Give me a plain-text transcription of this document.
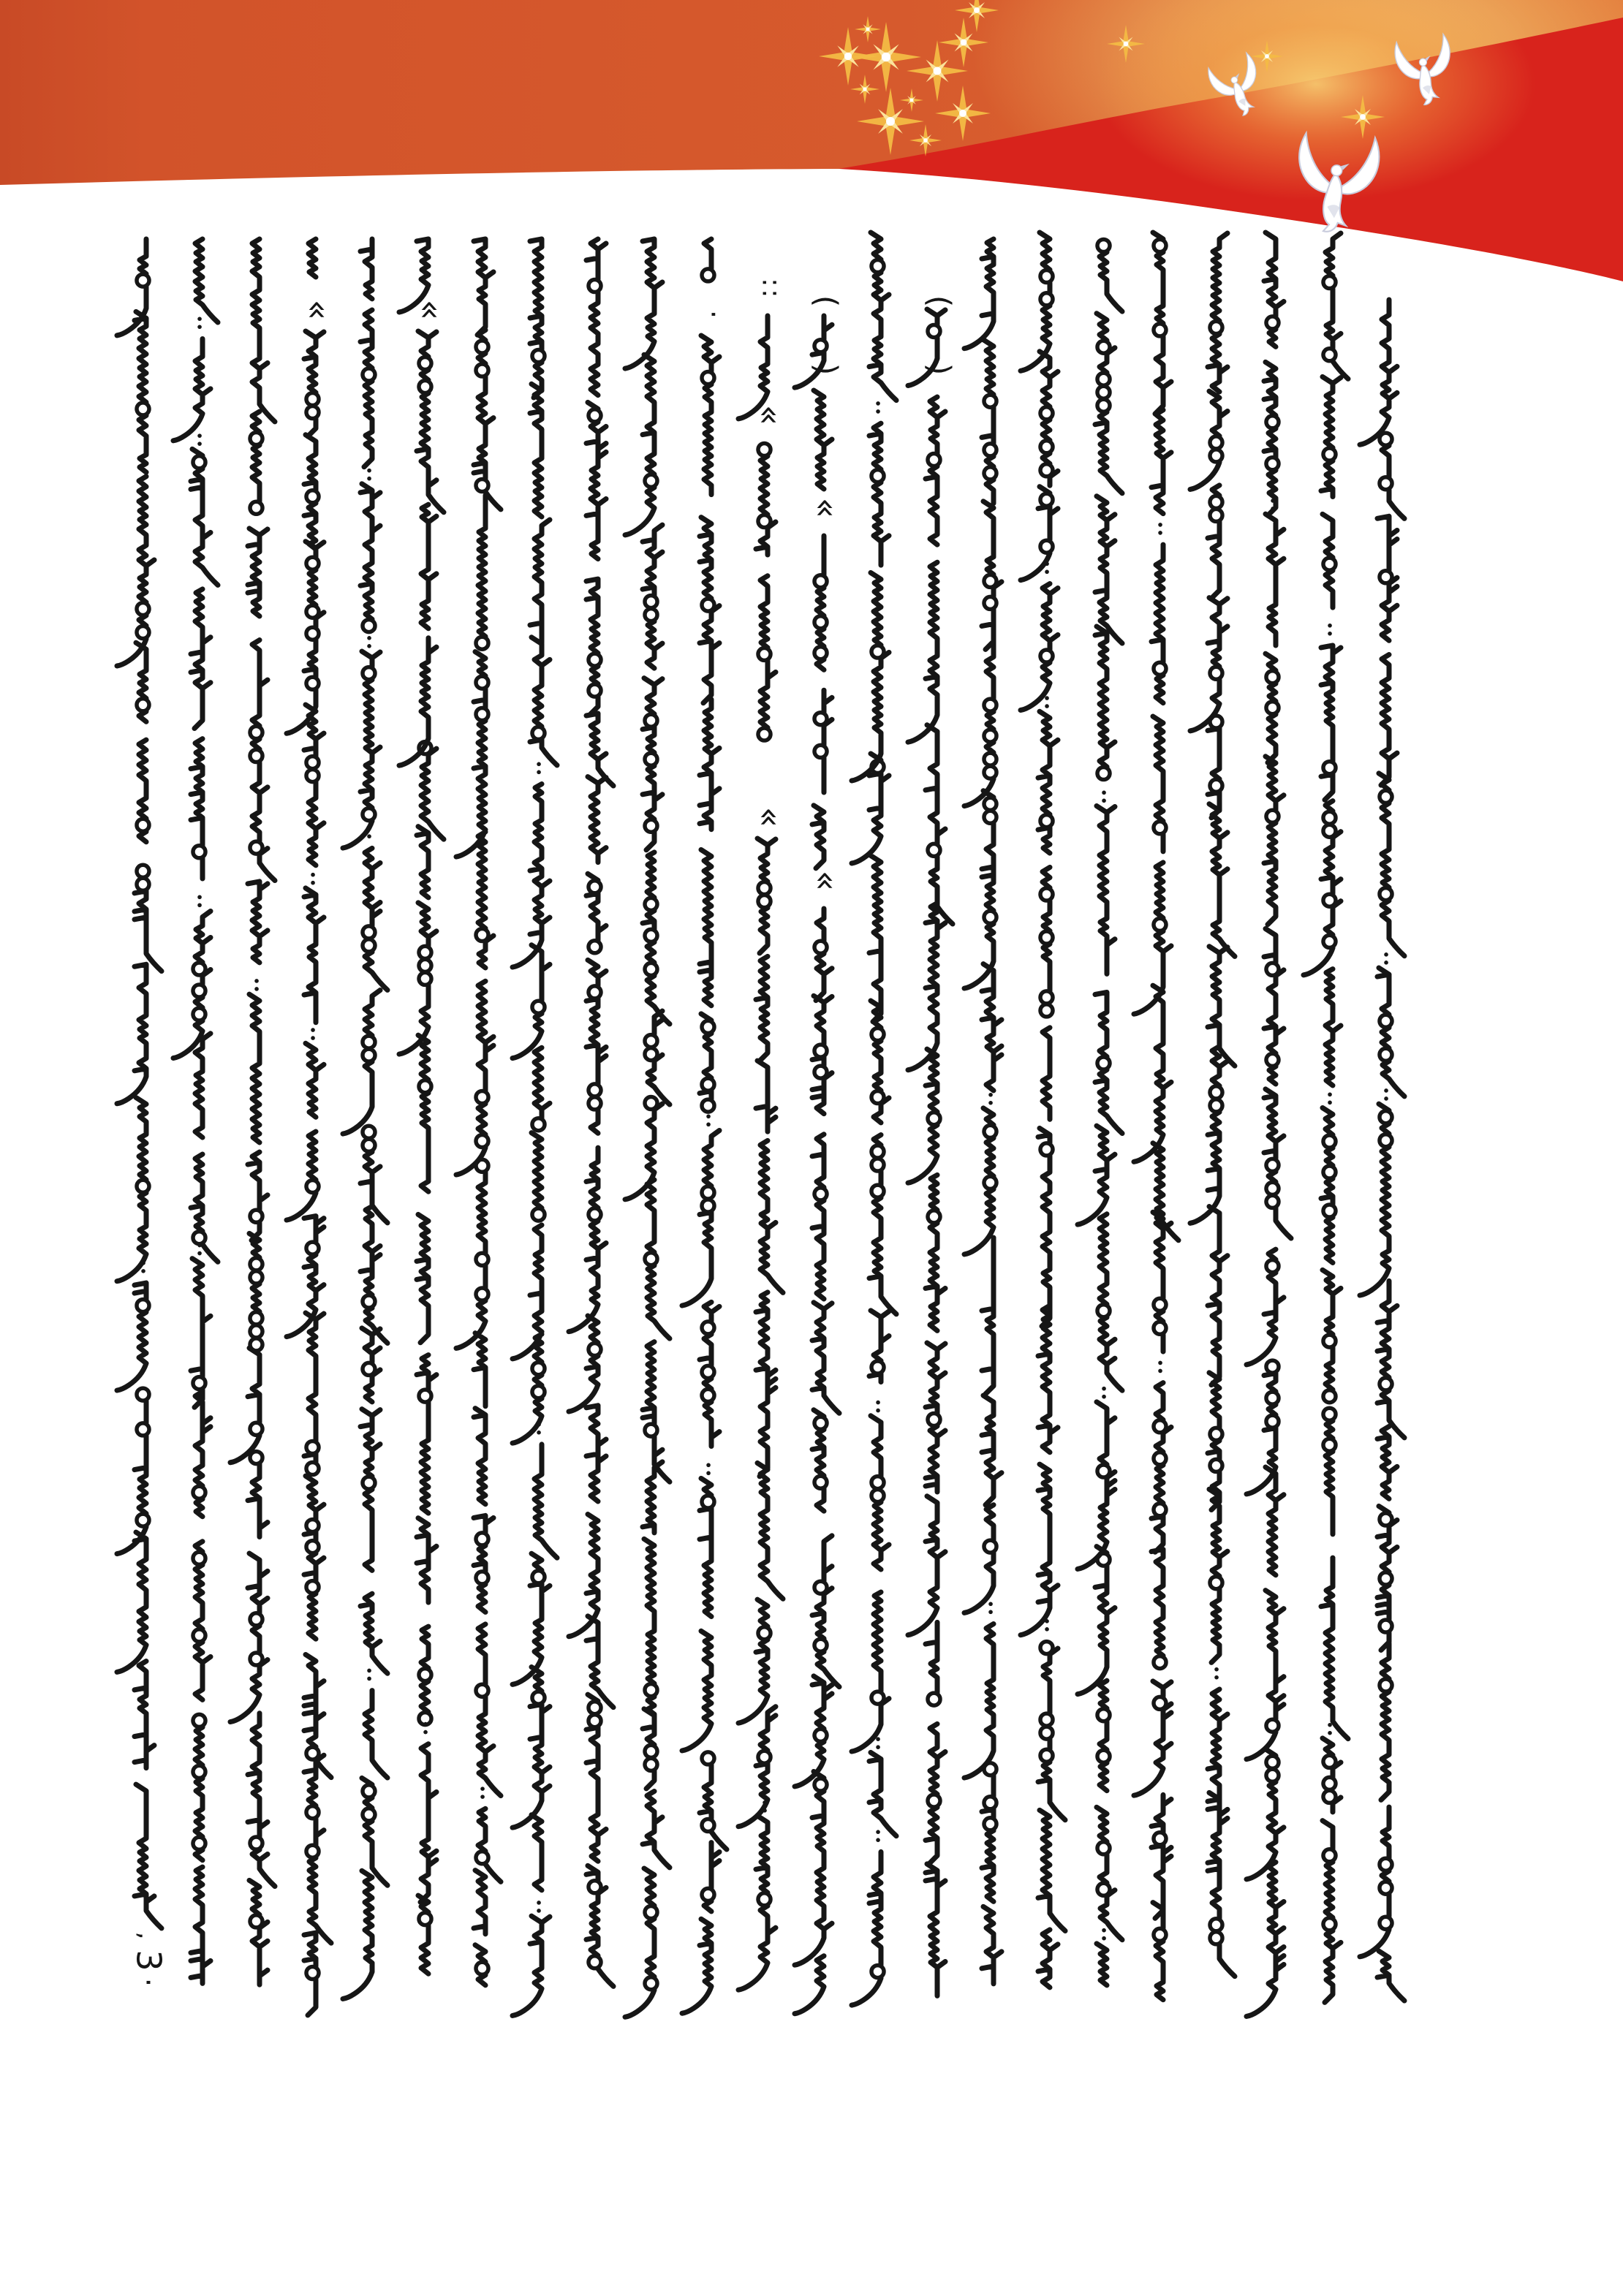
,
3
·
« «	·
∷
«
«
(
)
«
«
(
)
